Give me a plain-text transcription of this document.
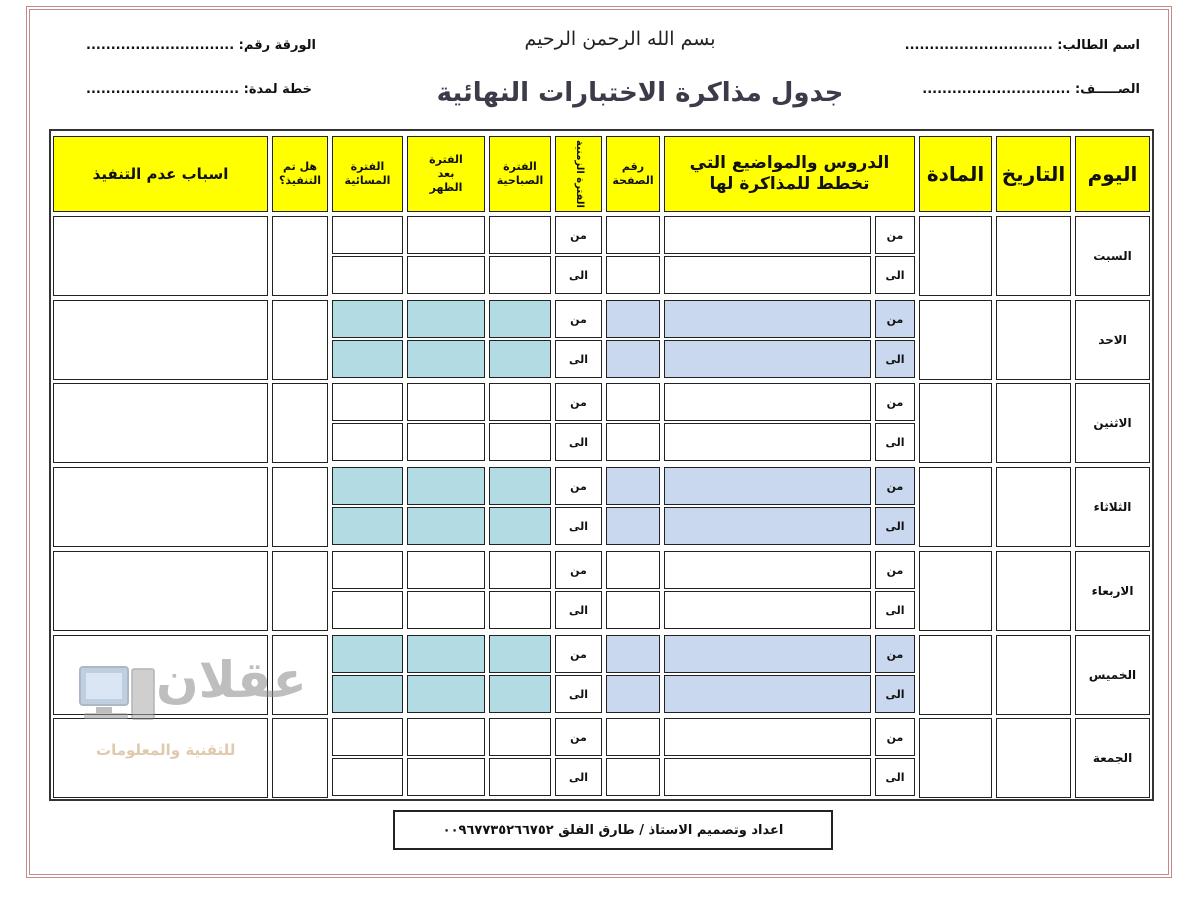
اسم الطالب: ..............................
الصـــــف: ..............................
الورقة رقم: ..............................
خطة لمدة: ...............................
بسم الله الرحمن الرحيم
جدول مذاكرة الاختبارات النهائية
اليوم
التاريخ
المادة
الدروس والمواضيع التي تخطط للمذاكرة لها
رقم الصفحة
الفترة الزمنية
الفترة الصباحية
الفترة بعد الظهر
الفترة المسائية
هل تم التنفيذ؟
اسباب عدم التنفيذ
السبت
من
الى
من
الى
الاحد
من
الى
من
الى
الاثنين
من
الى
من
الى
الثلاثاء
من
الى
من
الى
الاربعاء
من
الى
من
الى
الخميس
من
الى
من
الى
الجمعة
من
الى
من
الى
اعداد وتصميم الاستاذ / طارق الفلق ٠٠٩٦٧٧٣٥٢٦٦٧٥٢
عقلان
للتقنية والمعلومات
